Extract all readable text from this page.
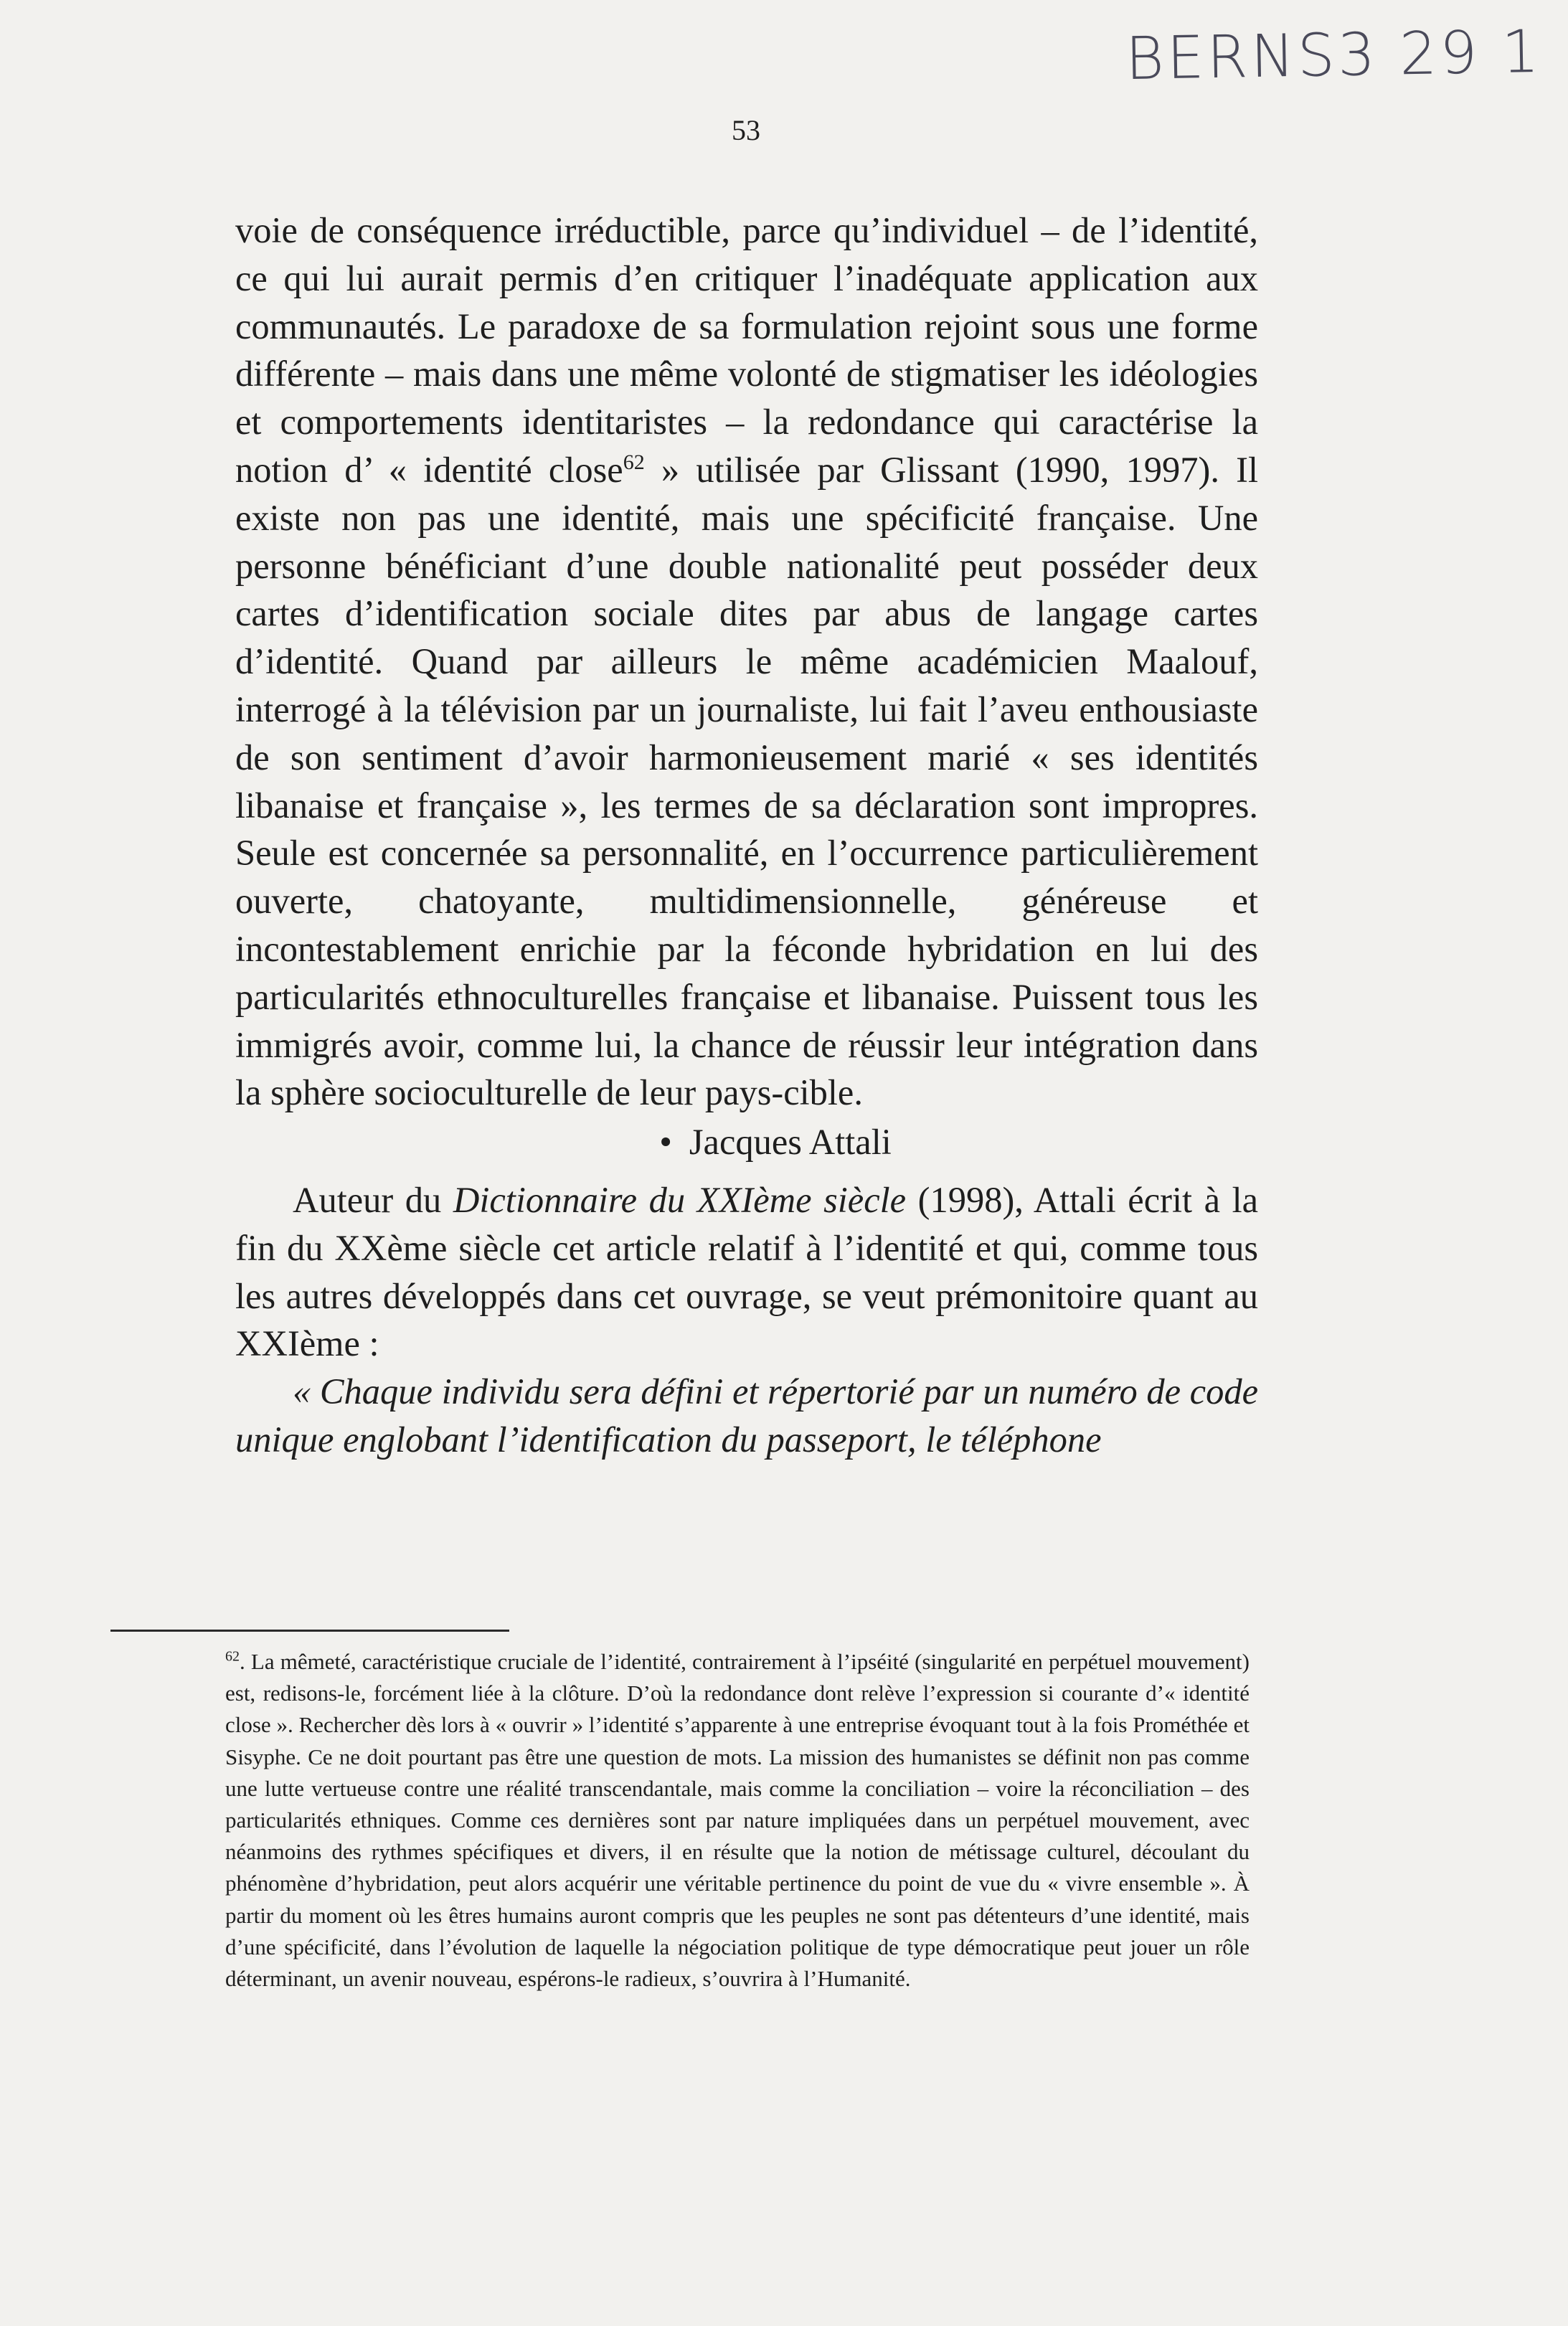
BERNS3 29 1
53

voie de conséquence irréductible, parce qu’individuel – de l’identité, ce qui lui aurait permis d’en critiquer l’inadéquate application aux communautés. Le paradoxe de sa formulation rejoint sous une forme différente – mais dans une même volonté de stigmatiser les idéologies et comportements identitaristes – la redondance qui caractérise la notion d’ « identité close$^{62}$ » utilisée par Glissant (1990, 1997). Il existe non pas une identité, mais une spécificité française. Une personne bénéficiant d’une double nationalité peut posséder deux cartes d’identification sociale dites par abus de langage cartes d’identité. Quand par ailleurs le même académicien Maalouf, interrogé à la télévision par un journaliste, lui fait l’aveu enthousiaste de son sentiment d’avoir harmonieusement marié « ses identités libanaise et française », les termes de sa déclaration sont impropres. Seule est concernée sa personnalité, en l’occurrence particulièrement ouverte, chatoyante, multidimensionnelle, généreuse et incontestablement enrichie par la féconde hybridation en lui des particularités ethnoculturelles française et libanaise. Puissent tous les immigrés avoir, comme lui, la chance de réussir leur intégration dans la sphère socioculturelle de leur pays-cible.

• Jacques Attali

Auteur du Dictionnaire du XXIème siècle (1998), Attali écrit à la fin du XXème siècle cet article relatif à l’identité et qui, comme tous les autres développés dans cet ouvrage, se veut prémonitoire quant au XXIème :

« Chaque individu sera défini et répertorié par un numéro de code unique englobant l’identification du passeport, le téléphone

$^{62}$. La mêmeté, caractéristique cruciale de l’identité, contrairement à l’ipséité (singularité en perpétuel mouvement) est, redisons-le, forcément liée à la clôture. D’où la redondance dont relève l’expression si courante d’« identité close ». Rechercher dès lors à « ouvrir » l’identité s’apparente à une entreprise évoquant tout à la fois Prométhée et Sisyphe. Ce ne doit pourtant pas être une question de mots. La mission des humanistes se définit non pas comme une lutte vertueuse contre une réalité transcendantale, mais comme la conciliation – voire la réconciliation – des particularités ethniques. Comme ces dernières sont par nature impliquées dans un perpétuel mouvement, avec néanmoins des rythmes spécifiques et divers, il en résulte que la notion de métissage culturel, découlant du phénomène d’hybridation, peut alors acquérir une véritable pertinence du point de vue du « vivre ensemble ». À partir du moment où les êtres humains auront compris que les peuples ne sont pas détenteurs d’une identité, mais d’une spécificité, dans l’évolution de laquelle la négociation politique de type démocratique peut jouer un rôle déterminant, un avenir nouveau, espérons-le radieux, s’ouvrira à l’Humanité.
